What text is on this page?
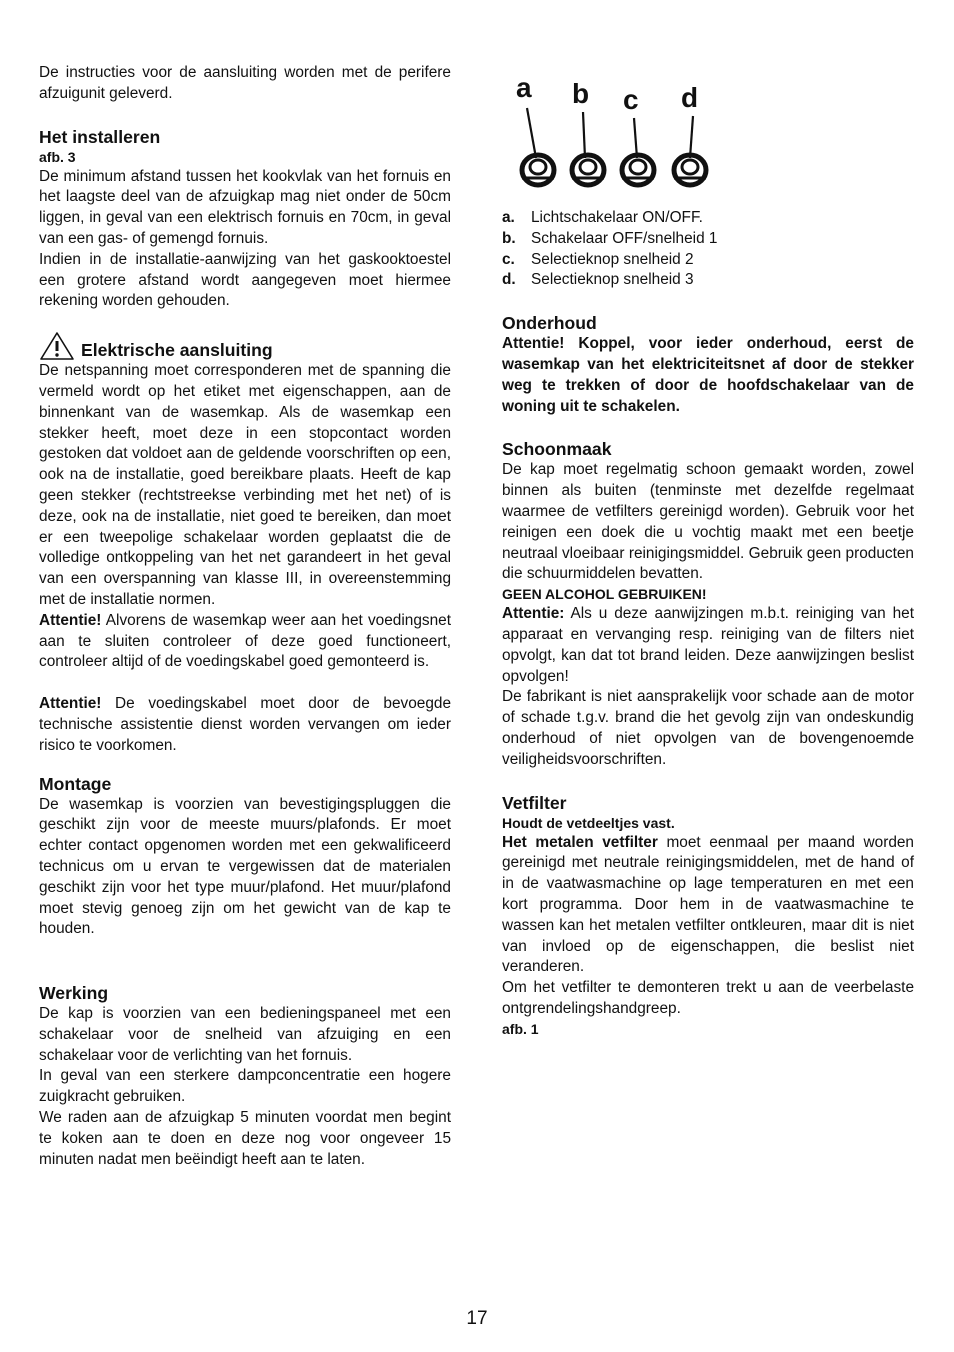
De instructies voor de aansluiting worden met de perifere afzuigunit geleverd.

Het installeren
afb. 3

De minimum afstand tussen het kookvlak van het fornuis en het laagste deel van de afzuigkap mag niet onder de 50cm liggen, in geval van een elektrisch fornuis en 70cm, in geval van een gas- of gemengd fornuis.

Indien in de installatie-aanwijzing van het gaskooktoestel een grotere afstand wordt aangegeven moet hiermee rekening worden gehouden.

Elektrische aansluiting

De netspanning moet corresponderen met de spanning die vermeld wordt op het etiket met eigenschappen, aan de binnenkant van de wasemkap. Als de wasemkap een stekker heeft, moet deze in een stopcontact worden gestoken dat voldoet aan de geldende voorschriften op een, ook na de installatie, goed bereikbare plaats. Heeft de kap geen stekker (rechtstreekse verbinding met het net) of is deze, ook na de installatie, niet goed te bereiken, dan moet er een tweepolige schakelaar worden geplaatst die de volledige ontkoppeling van het net garandeert in het geval van een overspanning van klasse III, in overeenstemming met de installatie normen.

Attentie! Alvorens de wasemkap weer aan het voedingsnet aan te sluiten controleer of deze goed functioneert, controleer altijd of de voedingskabel goed gemonteerd is.

Attentie! De voedingskabel moet door de bevoegde technische assistentie dienst worden vervangen om ieder risico te voorkomen.

Montage

De wasemkap is voorzien van bevestigingspluggen die geschikt zijn voor de meeste muurs/plafonds. Er moet echter contact opgenomen worden met een gekwalificeerd technicus om u ervan te vergewissen dat de materialen geschikt zijn voor het type muur/plafond. Het muur/plafond moet stevig genoeg zijn om het gewicht van de kap te houden.

Werking

De kap is voorzien van een bedieningspaneel met een schakelaar voor de snelheid van afzuiging en een schakelaar voor de verlichting van het fornuis.

In geval van een sterkere dampconcentratie een hogere zuigkracht gebruiken.

We raden aan de afzuigkap 5 minuten voordat men begint te koken aan te doen en deze nog voor ongeveer 15 minuten nadat men beëindigt heeft aan te laten.

a b c d
a.	Lichtschakelaar ON/OFF.
b. Schakelaar OFF/snelheid 1
c.	Selectieknop snelheid 2
d. Selectieknop snelheid 3
Onderhoud

Attentie! Koppel, voor ieder onderhoud, eerst de wasemkap van het elektriciteitsnet af door de stekker weg te trekken of door de hoofdschakelaar van de woning uit te schakelen.

Schoonmaak

De kap moet regelmatig schoon gemaakt worden, zowel binnen als buiten (tenminste met dezelfde regelmaat waarmee de vetfilters gereinigd worden). Gebruik voor het reinigen een doek die u vochtig maakt met een beetje neutraal vloeibaar reinigingsmiddel. Gebruik geen producten die schuurmiddelen bevatten.

GEEN ALCOHOL GEBRUIKEN!

Attentie: Als u deze aanwijzingen m.b.t. reiniging van het apparaat en vervanging resp. reiniging van de filters niet opvolgt, kan dat tot brand leiden. Deze aanwijzingen beslist opvolgen!

De fabrikant is niet aansprakelijk voor schade aan de motor of schade t.g.v. brand die het gevolg zijn van ondeskundig onderhoud of niet opvolgen van de bovengenoemde veiligheidsvoorschriften.

Vetfilter
Houdt de vetdeeltjes vast.

Het metalen vetfilter moet eenmaal per maand worden gereinigd met neutrale reinigingsmiddelen, met de hand of in de vaatwasmachine op lage temperaturen en met een kort programma. Door hem in de vaatwasmachine te wassen kan het metalen vetfilter ontkleuren, maar dit is niet van invloed op de eigenschappen, die beslist niet veranderen.

Om het vetfilter te demonteren trekt u aan de veerbelaste ontgrendelingshandgreep.

afb. 1
17
